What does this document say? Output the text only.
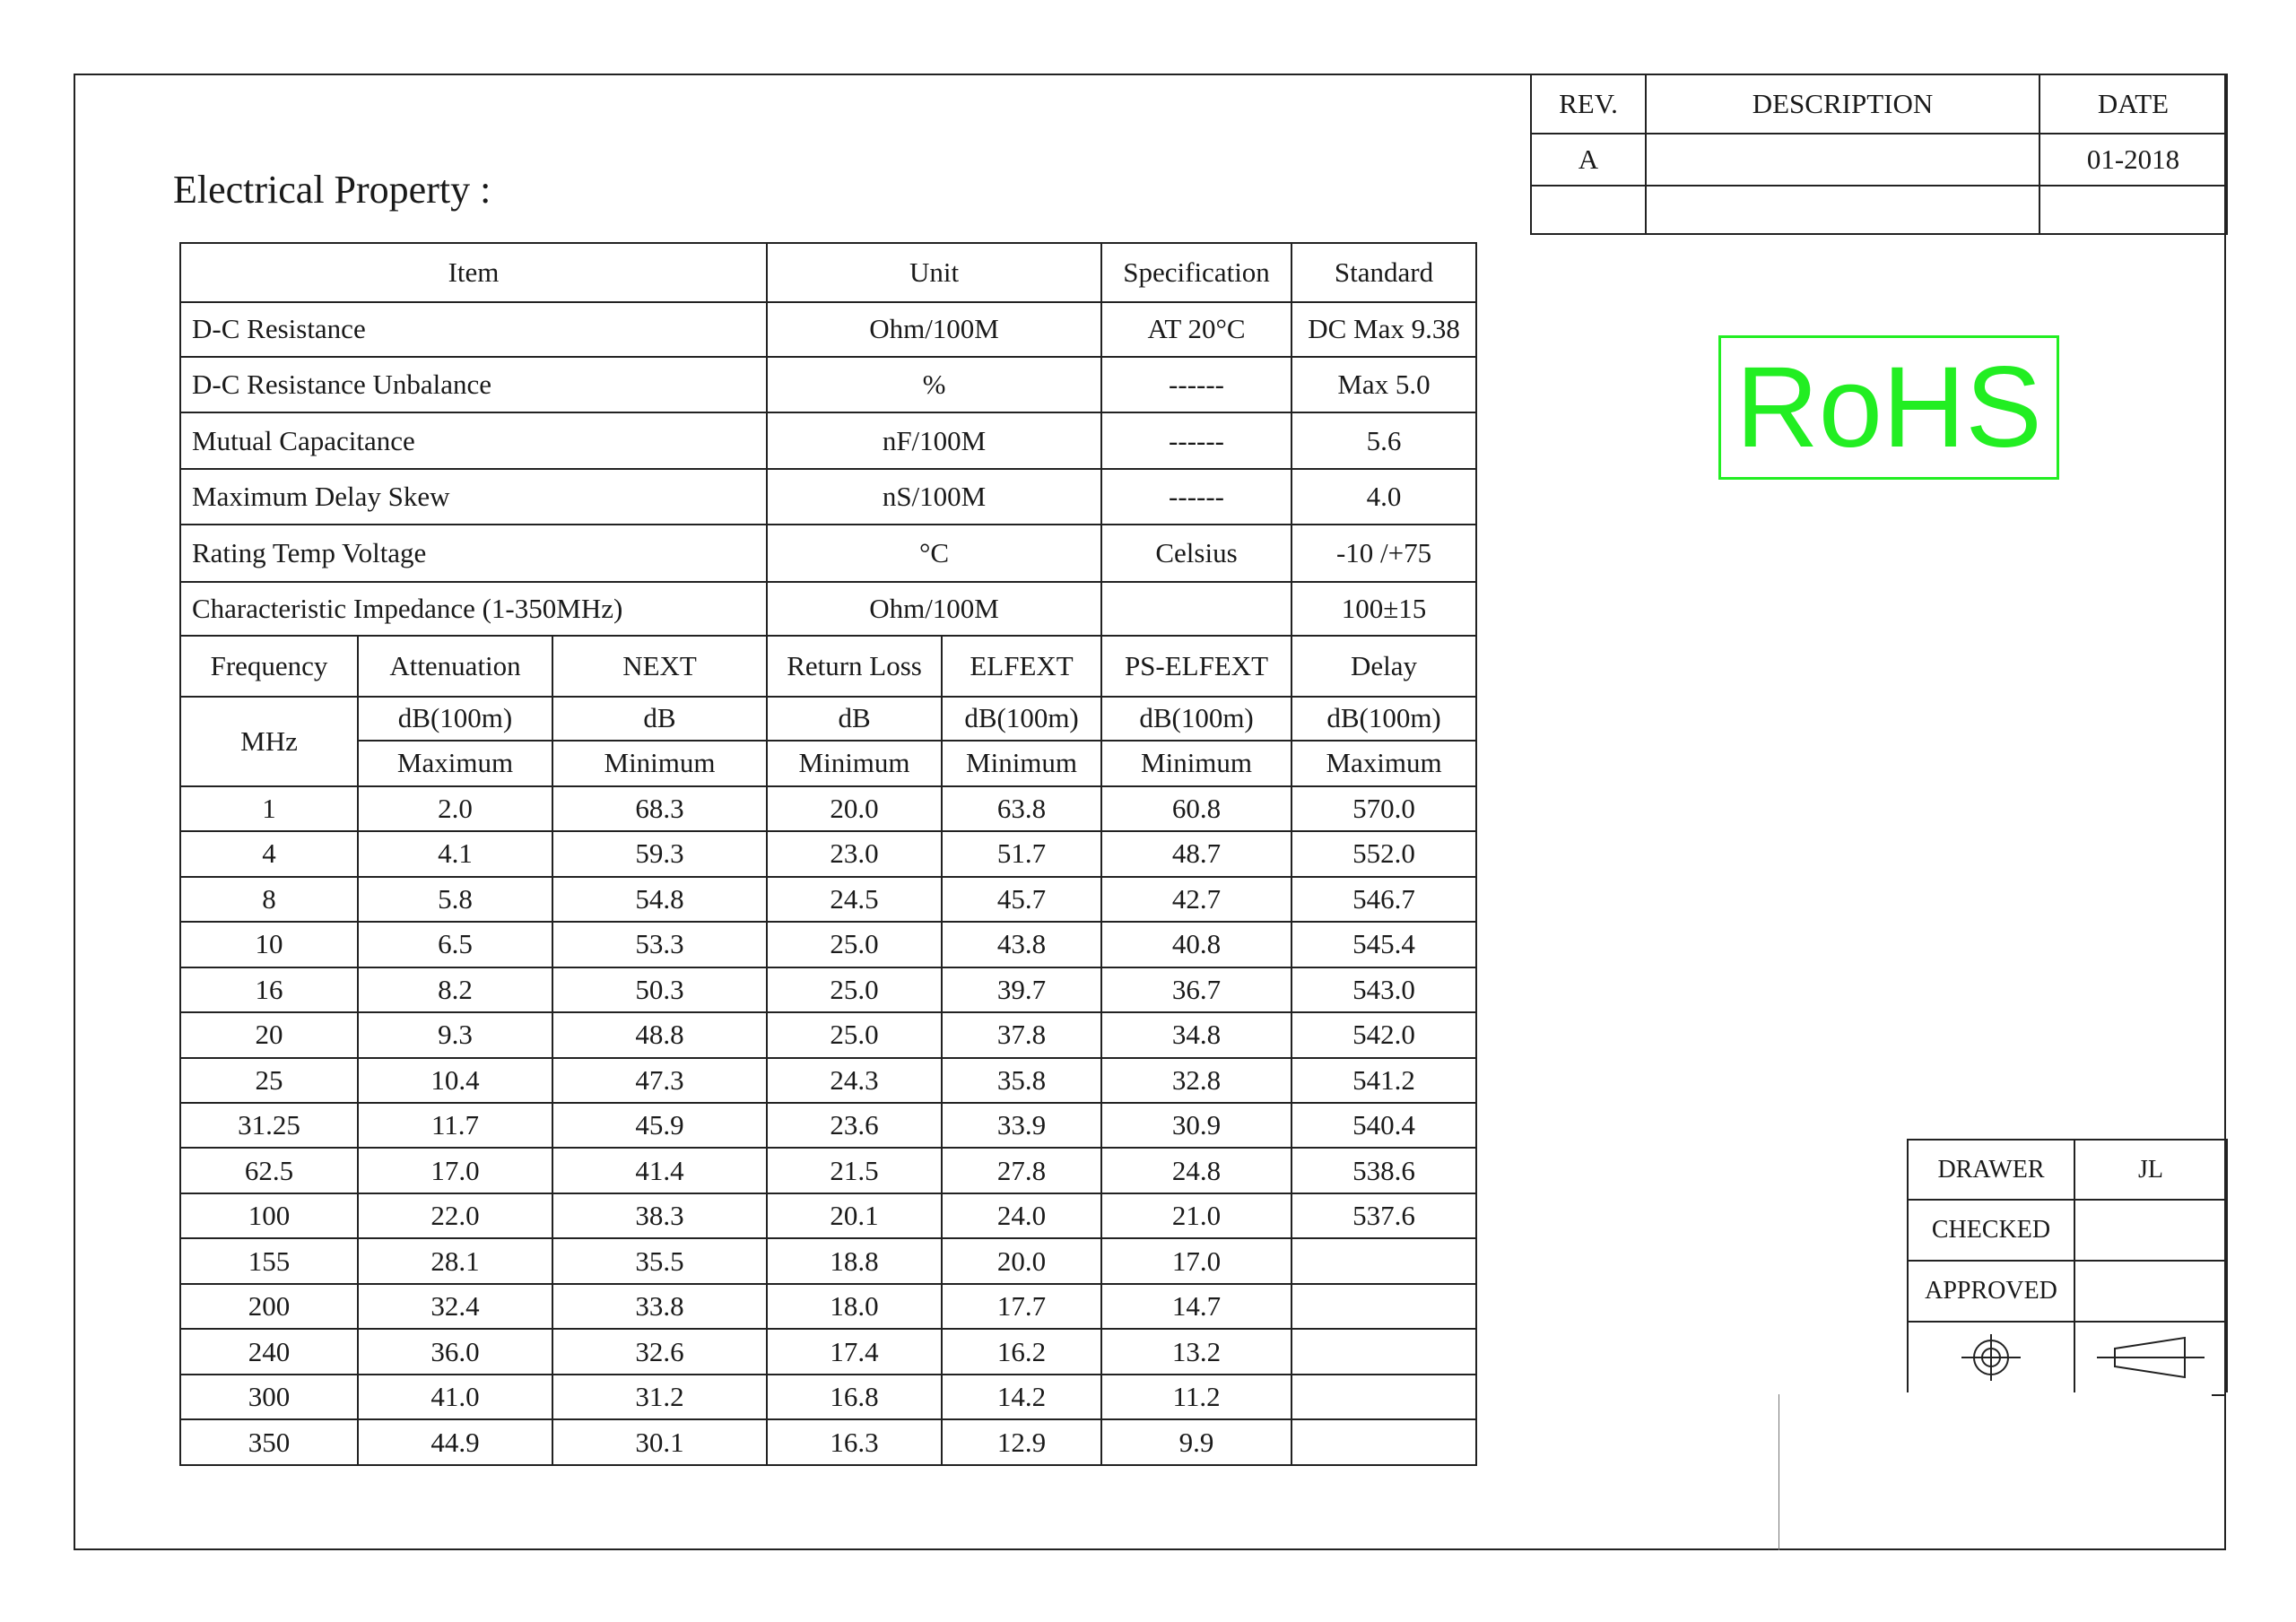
Electrical Property :
Item			Unit		Specification	Standard
D-C Resistance			Ohm/100M		AT 20°C	DC Max 9.38
D-C Resistance Unbalance			%		------	Max 5.0
Mutual Capacitance			nF/100M		------	5.6
Maximum Delay Skew			nS/100M		------	4.0
Rating Temp Voltage			°C		Celsius	-10 /+75
Characteristic Impedance (1-350MHz)			Ohm/100M			100±15
Frequency	Attenuation	NEXT	Return Loss	ELFEXT	PS-ELFEXT	Delay
MHz	dB(100m)	dB	dB	dB(100m)	dB(100m)	dB(100m)
	Maximum	Minimum	Minimum	Minimum	Minimum	Maximum
1	2.0	68.3	20.0	63.8	60.8	570.0
4	4.1	59.3	23.0	51.7	48.7	552.0
8	5.8	54.8	24.5	45.7	42.7	546.7
10	6.5	53.3	25.0	43.8	40.8	545.4
16	8.2	50.3	25.0	39.7	36.7	543.0
20	9.3	48.8	25.0	37.8	34.8	542.0
25	10.4	47.3	24.3	35.8	32.8	541.2
31.25	11.7	45.9	23.6	33.9	30.9	540.4
62.5	17.0	41.4	21.5	27.8	24.8	538.6
100	22.0	38.3	20.1	24.0	21.0	537.6
155	28.1	35.5	18.8	20.0	17.0	
200	32.4	33.8	18.0	17.7	14.7	
240	36.0	32.6	17.4	16.2	13.2	
300	41.0	31.2	16.8	14.2	11.2	
350	44.9	30.1	16.3	12.9	9.9	
REV.	DESCRIPTION	DATE
A		01-2018

RoHS
DRAWER	JL
CHECKED	
APPROVED	
